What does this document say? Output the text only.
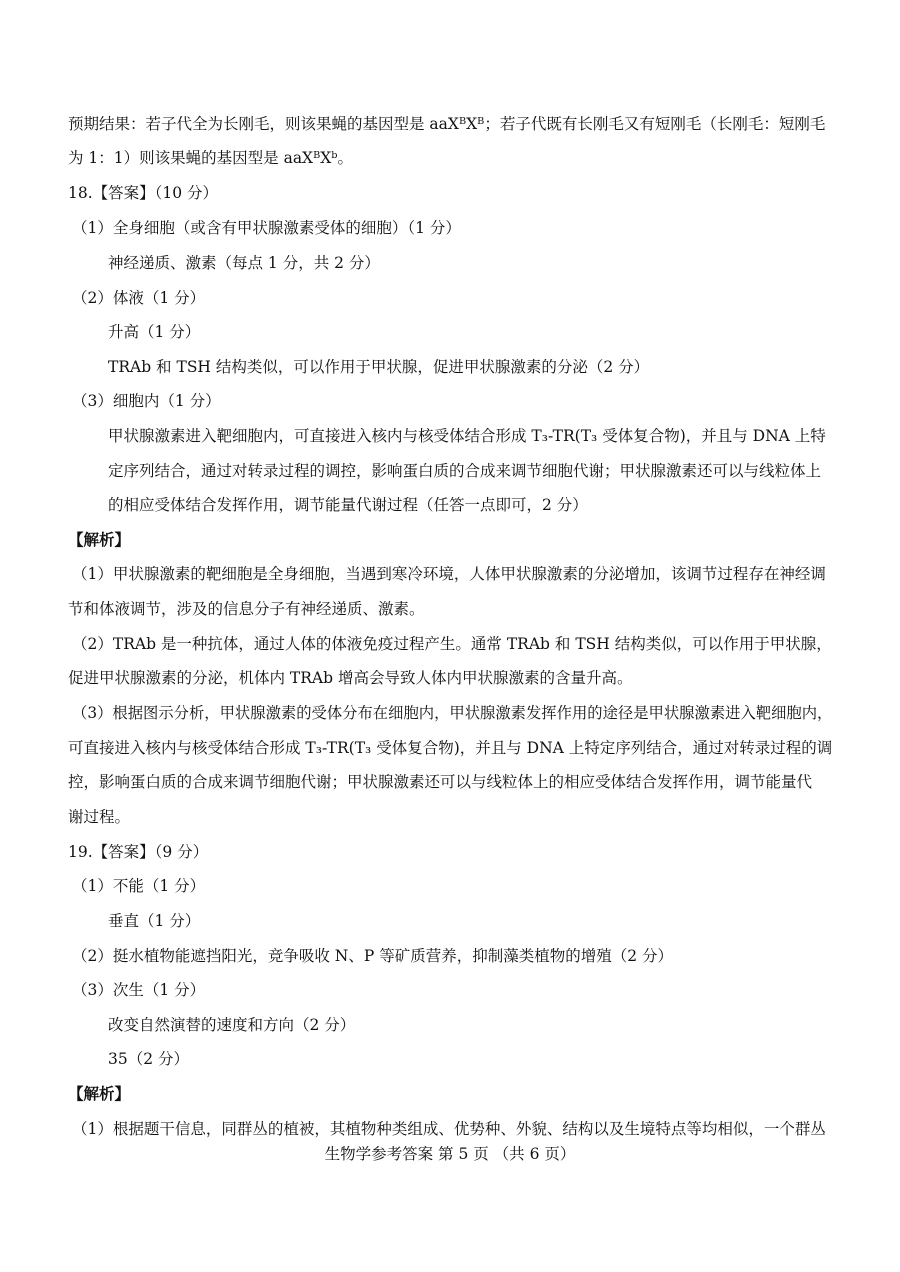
预期结果：若子代全为长刚毛，则该果蝇的基因型是 aaXᴮXᴮ；若子代既有长刚毛又有短刚毛（长刚毛：短刚毛
为 1：1）则该果蝇的基因型是 aaXᴮXᵇ。
18.【答案】（10 分）
（1）全身细胞（或含有甲状腺激素受体的细胞）（1 分）
神经递质、激素（每点 1 分，共 2 分）
（2）体液（1 分）
升高（1 分）
TRAb 和 TSH 结构类似，可以作用于甲状腺，促进甲状腺激素的分泌（2 分）
（3）细胞内（1 分）
甲状腺激素进入靶细胞内，可直接进入核内与核受体结合形成 T₃-TR(T₃ 受体复合物)，并且与 DNA 上特
定序列结合，通过对转录过程的调控，影响蛋白质的合成来调节细胞代谢；甲状腺激素还可以与线粒体上
的相应受体结合发挥作用，调节能量代谢过程（任答一点即可，2 分）
【解析】
（1）甲状腺激素的靶细胞是全身细胞，当遇到寒冷环境，人体甲状腺激素的分泌增加，该调节过程存在神经调
节和体液调节，涉及的信息分子有神经递质、激素。
（2）TRAb 是一种抗体，通过人体的体液免疫过程产生。通常 TRAb 和 TSH 结构类似，可以作用于甲状腺，
促进甲状腺激素的分泌，机体内 TRAb 增高会导致人体内甲状腺激素的含量升高。
（3）根据图示分析，甲状腺激素的受体分布在细胞内，甲状腺激素发挥作用的途径是甲状腺激素进入靶细胞内，
可直接进入核内与核受体结合形成 T₃-TR(T₃ 受体复合物)，并且与 DNA 上特定序列结合，通过对转录过程的调
控，影响蛋白质的合成来调节细胞代谢；甲状腺激素还可以与线粒体上的相应受体结合发挥作用，调节能量代
谢过程。
19.【答案】（9 分）
（1）不能（1 分）
垂直（1 分）
（2）挺水植物能遮挡阳光，竞争吸收 N、P 等矿质营养，抑制藻类植物的增殖（2 分）
（3）次生（1 分）
改变自然演替的速度和方向（2 分）
35（2 分）
【解析】
（1）根据题干信息，同群丛的植被，其植物种类组成、优势种、外貌、结构以及生境特点等均相似，一个群丛
生物学参考答案 第 5 页 （共 6 页）
